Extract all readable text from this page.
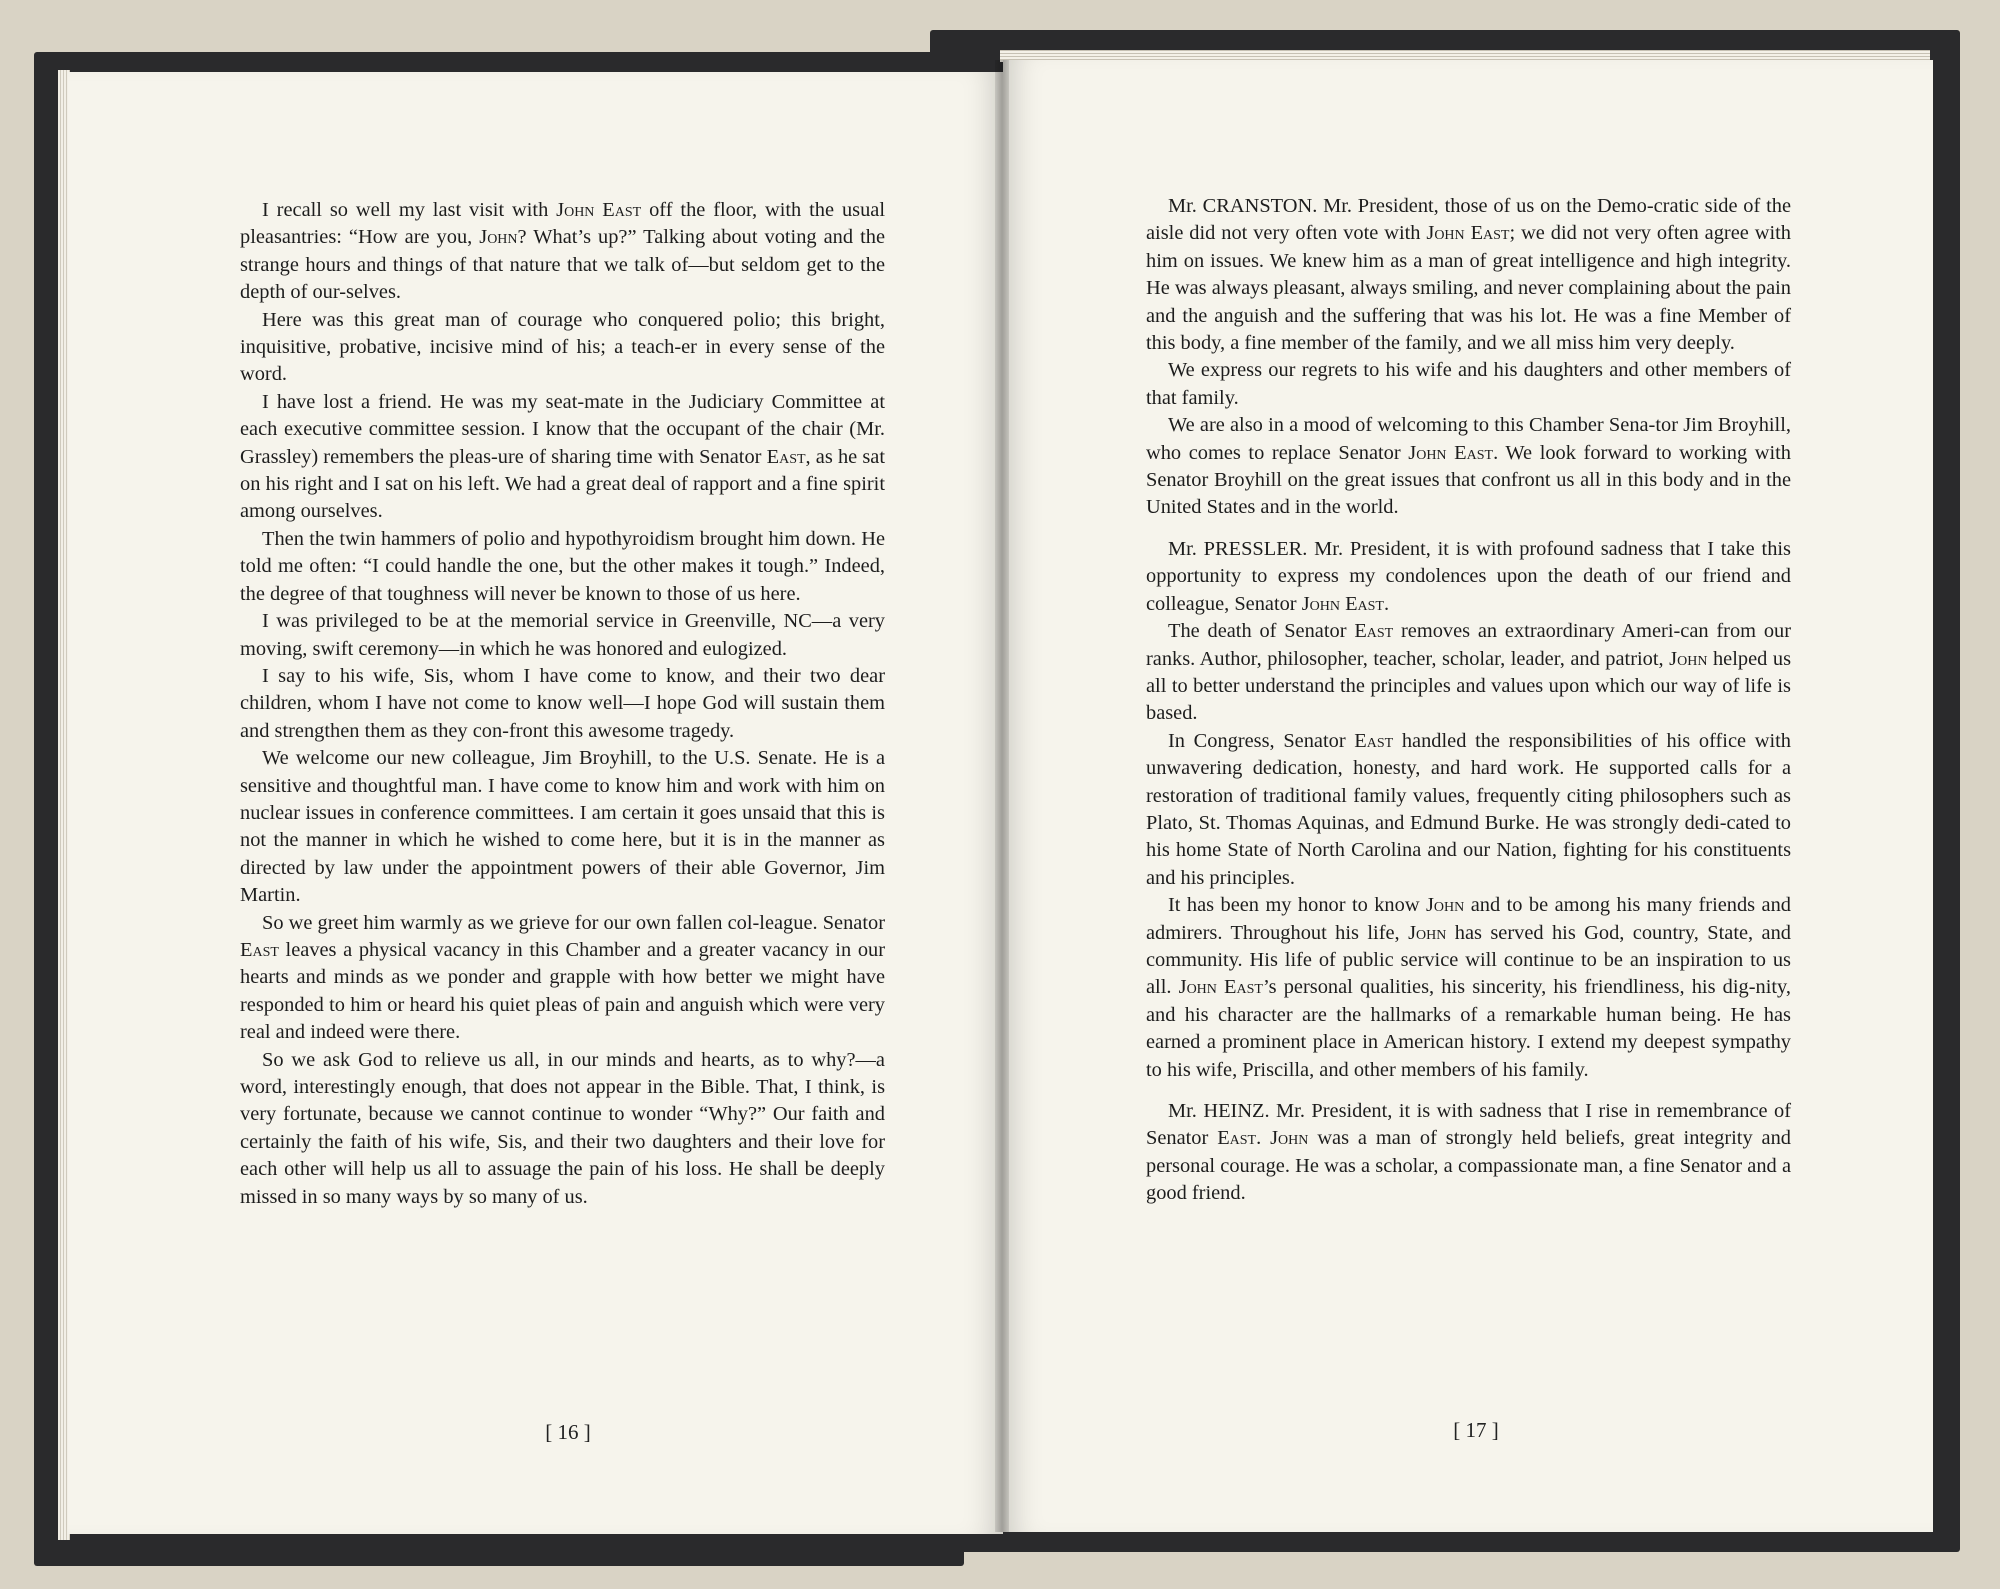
I recall so well my last visit with John East off the floor, with the usual pleasantries: “How are you, John? What’s up?” Talking about voting and the strange hours and things of that nature that we talk of—but seldom get to the depth of our-selves.

Here was this great man of courage who conquered polio; this bright, inquisitive, probative, incisive mind of his; a teach-er in every sense of the word.

I have lost a friend. He was my seat-mate in the Judiciary Committee at each executive committee session. I know that the occupant of the chair (Mr. Grassley) remembers the pleas-ure of sharing time with Senator East, as he sat on his right and I sat on his left. We had a great deal of rapport and a fine spirit among ourselves.

Then the twin hammers of polio and hypothyroidism brought him down. He told me often: “I could handle the one, but the other makes it tough.” Indeed, the degree of that toughness will never be known to those of us here.

I was privileged to be at the memorial service in Greenville, NC—a very moving, swift ceremony—in which he was honored and eulogized.

I say to his wife, Sis, whom I have come to know, and their two dear children, whom I have not come to know well—I hope God will sustain them and strengthen them as they con-front this awesome tragedy.

We welcome our new colleague, Jim Broyhill, to the U.S. Senate. He is a sensitive and thoughtful man. I have come to know him and work with him on nuclear issues in conference committees. I am certain it goes unsaid that this is not the manner in which he wished to come here, but it is in the manner as directed by law under the appointment powers of their able Governor, Jim Martin.

So we greet him warmly as we grieve for our own fallen col-league. Senator East leaves a physical vacancy in this Chamber and a greater vacancy in our hearts and minds as we ponder and grapple with how better we might have responded to him or heard his quiet pleas of pain and anguish which were very real and indeed were there.

So we ask God to relieve us all, in our minds and hearts, as to why?—a word, interestingly enough, that does not appear in the Bible. That, I think, is very fortunate, because we cannot continue to wonder “Why?” Our faith and certainly the faith of his wife, Sis, and their two daughters and their love for each other will help us all to assuage the pain of his loss. He shall be deeply missed in so many ways by so many of us.

Mr. CRANSTON. Mr. President, those of us on the Demo-cratic side of the aisle did not very often vote with John East; we did not very often agree with him on issues. We knew him as a man of great intelligence and high integrity. He was always pleasant, always smiling, and never complaining about the pain and the anguish and the suffering that was his lot. He was a fine Member of this body, a fine member of the family, and we all miss him very deeply.

We express our regrets to his wife and his daughters and other members of that family.

We are also in a mood of welcoming to this Chamber Sena-tor Jim Broyhill, who comes to replace Senator John East. We look forward to working with Senator Broyhill on the great issues that confront us all in this body and in the United States and in the world.

Mr. PRESSLER. Mr. President, it is with profound sadness that I take this opportunity to express my condolences upon the death of our friend and colleague, Senator John East.

The death of Senator East removes an extraordinary Ameri-can from our ranks. Author, philosopher, teacher, scholar, leader, and patriot, John helped us all to better understand the principles and values upon which our way of life is based.

In Congress, Senator East handled the responsibilities of his office with unwavering dedication, honesty, and hard work. He supported calls for a restoration of traditional family values, frequently citing philosophers such as Plato, St. Thomas Aquinas, and Edmund Burke. He was strongly dedi-cated to his home State of North Carolina and our Nation, fighting for his constituents and his principles.

It has been my honor to know John and to be among his many friends and admirers. Throughout his life, John has served his God, country, State, and community. His life of public service will continue to be an inspiration to us all. John East’s personal qualities, his sincerity, his friendliness, his dig-nity, and his character are the hallmarks of a remarkable human being. He has earned a prominent place in American history. I extend my deepest sympathy to his wife, Priscilla, and other members of his family.

Mr. HEINZ. Mr. President, it is with sadness that I rise in remembrance of Senator East. John was a man of strongly held beliefs, great integrity and personal courage. He was a scholar, a compassionate man, a fine Senator and a good friend.

[ 16 ]	[ 17 ]
